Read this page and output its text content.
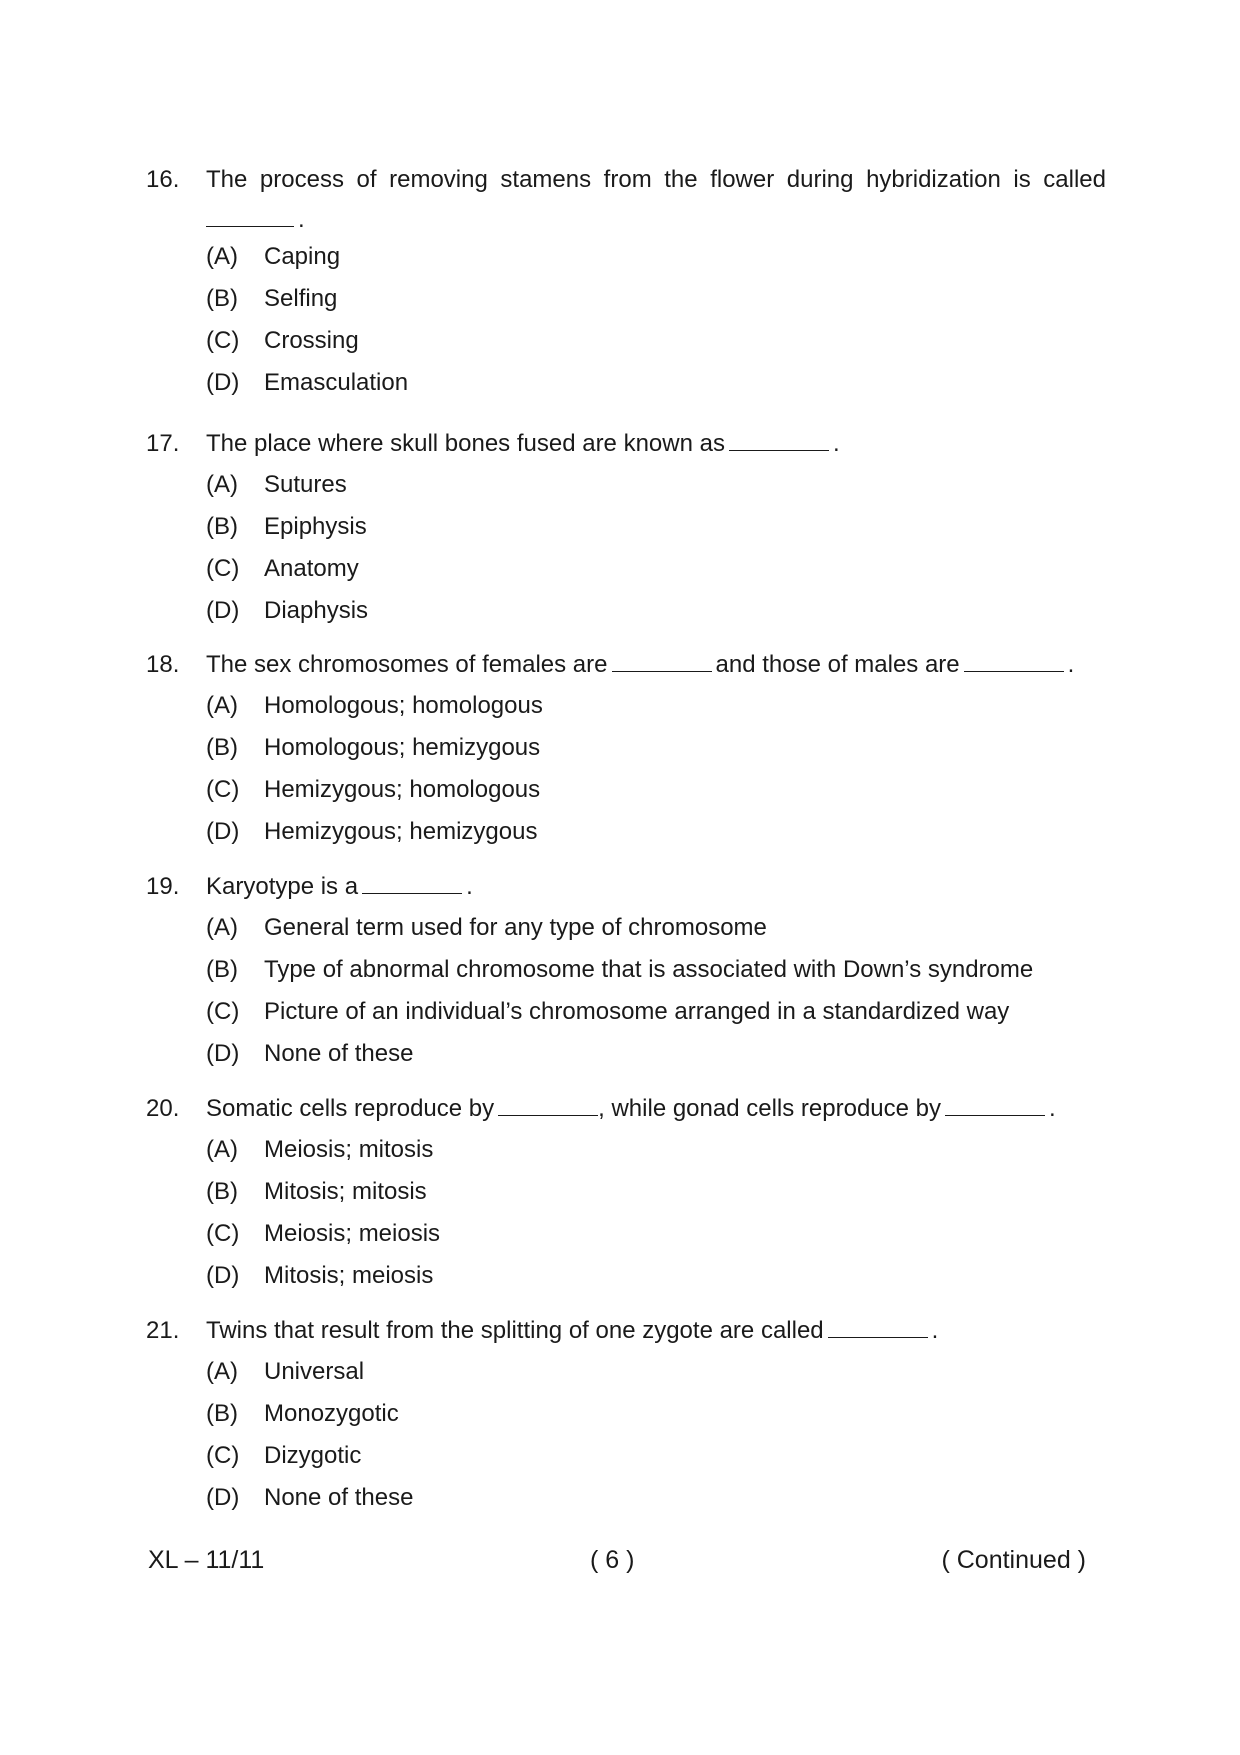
16. The process of removing stamens from the flower during hybridization is called
.
(A) Caping
(B) Selfing
(C) Crossing
(D) Emasculation
17. The place where skull bones fused are known as	.
(A) Sutures
(B) Epiphysis
(C) Anatomy
(D) Diaphysis
18. The sex chromosomes of females are	and those of males are	.
(A) Homologous; homologous
(B) Homologous; hemizygous
(C) Hemizygous; homologous
(D) Hemizygous; hemizygous
19. Karyotype is a	.
(A) General term used for any type of chromosome
(B) Type of abnormal chromosome that is associated with Down’s syndrome
(C) Picture of an individual’s chromosome arranged in a standardized way
(D) None of these
20. Somatic cells reproduce by	, while gonad cells reproduce by	.
(A) Meiosis; mitosis
(B) Mitosis; mitosis
(C) Meiosis; meiosis
(D) Mitosis; meiosis
21. Twins that result from the splitting of one zygote are called	.
(A) Universal
(B) Monozygotic
(C) Dizygotic
(D) None of these
XL – 11/11	( 6 )	( Continued )
